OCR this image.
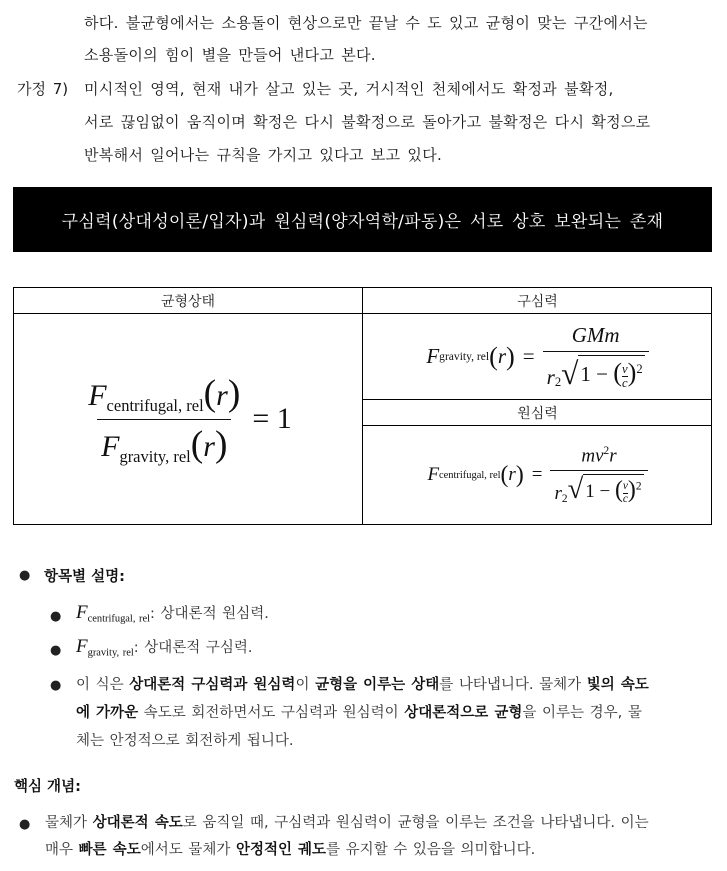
하다. 불균형에서는 소용돌이 현상으로만 끝날 수 도 있고 균형이 맞는 구간에서는
소용돌이의 힘이 별을 만들어 낸다고 본다.
가정 7) 미시적인 영역, 현재 내가 살고 있는 곳, 거시적인 천체에서도 확정과 불확정,
서로 끊임없이 움직이며 확정은 다시 불확정으로 돌아가고 불확정은 다시 확정으로
반복해서 일어나는 규칙을 가지고 있다고 보고 있다.
구심력(상대성이론/입자)과 원심력(양자역학/파동)은 서로 상호 보완되는 존재
균형상태	구심력
원심력
$\frac{F_{centrifugal, rel}(r)}{F_{gravity, rel}(r)} = 1$
F gravity, rel ( r ) = $\frac{\text{GMm}}{r_2 √ 1 - ( \frac{v}{c} )^2}$
F centrifugal, rel ( r ) = $\frac{mv^2r}{r_2 √ 1 - ( \frac{v}{c} )^2}$
● 항목별 설명:
● $F_{centrifugal, rel}$: 상대론적 원심력.
● $F_{gravity, rel}$: 상대론적 구심력.
● 이 식은 상대론적 구심력과 원심력이 균형을 이루는 상태를 나타냅니다. 물체가 빛의 속도
에 가까운 속도로 회전하면서도 구심력과 원심력이 상대론적으로 균형을 이루는 경우, 물
체는 안정적으로 회전하게 됩니다.
핵심 개념:
● 물체가 상대론적 속도로 움직일 때, 구심력과 원심력이 균형을 이루는 조건을 나타냅니다. 이는
매우 빠른 속도에서도 물체가 안정적인 궤도를 유지할 수 있음을 의미합니다.
